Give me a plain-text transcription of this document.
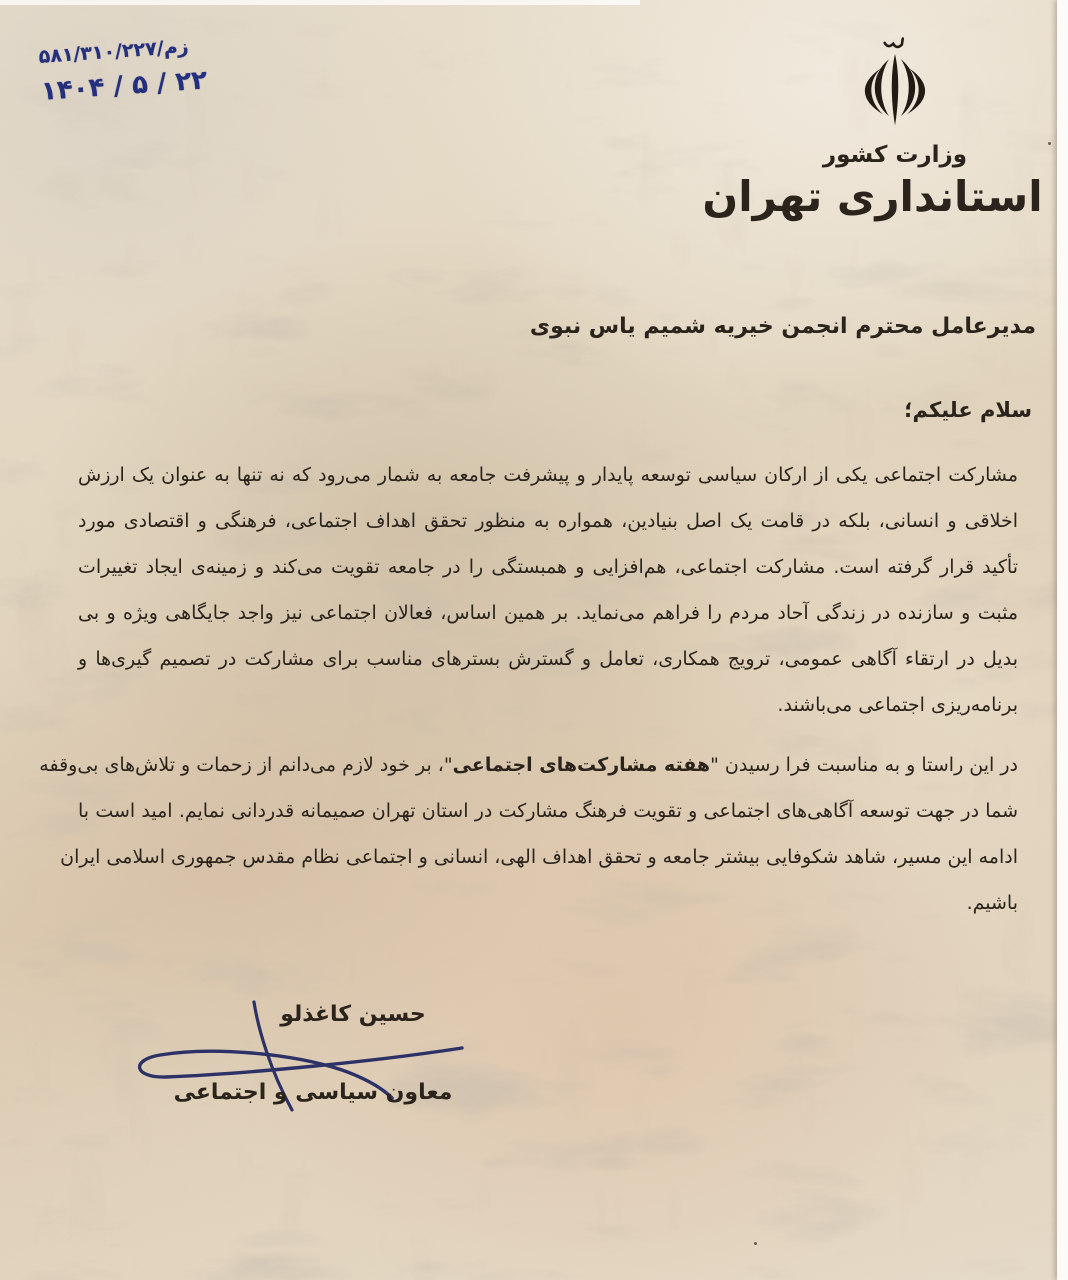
زم/۵۸۱/۳۱۰/۲۲۷
۱۴۰۴ / ۵ / ۲۲
وزارت کشور
استانداری تهران
مدیرعامل محترم انجمن خیریه شمیم یاس نبوی
سلام علیکم؛
مشارکت اجتماعی یکی از ارکان سیاسی توسعه پایدار و پیشرفت جامعه به شمار می‌رود که نه تنها به عنوان یک ارزش
اخلاقی و انسانی، بلکه در قامت یک اصل بنیادین، همواره به منظور تحقق اهداف اجتماعی، فرهنگی و اقتصادی مورد
تأکید قرار گرفته است. مشارکت اجتماعی، هم‌افزایی و همبستگی را در جامعه تقویت می‌کند و زمینه‌ی ایجاد تغییرات
مثبت و سازنده در زندگی آحاد مردم را فراهم می‌نماید. بر همین اساس، فعالان اجتماعی نیز واجد جایگاهی ویژه و بی
بدیل در ارتقاء آگاهی عمومی، ترویج همکاری، تعامل و گسترش بسترهای مناسب برای مشارکت در تصمیم گیری‌ها و
برنامه‌ریزی اجتماعی می‌باشند.
در این راستا و به مناسبت فرا رسیدن "هفته مشارکت‌های اجتماعی"، بر خود لازم می‌دانم از زحمات و تلاش‌های بی‌وقفه
شما در جهت توسعه آگاهی‌های اجتماعی و تقویت فرهنگ مشارکت در استان تهران صمیمانه قدردانی نمایم. امید است با
ادامه این مسیر، شاهد شکوفایی بیشتر جامعه و تحقق اهداف الهی، انسانی و اجتماعی نظام مقدس جمهوری اسلامی ایران
باشیم.
حسین کاغذلو
معاون سیاسی و اجتماعی
